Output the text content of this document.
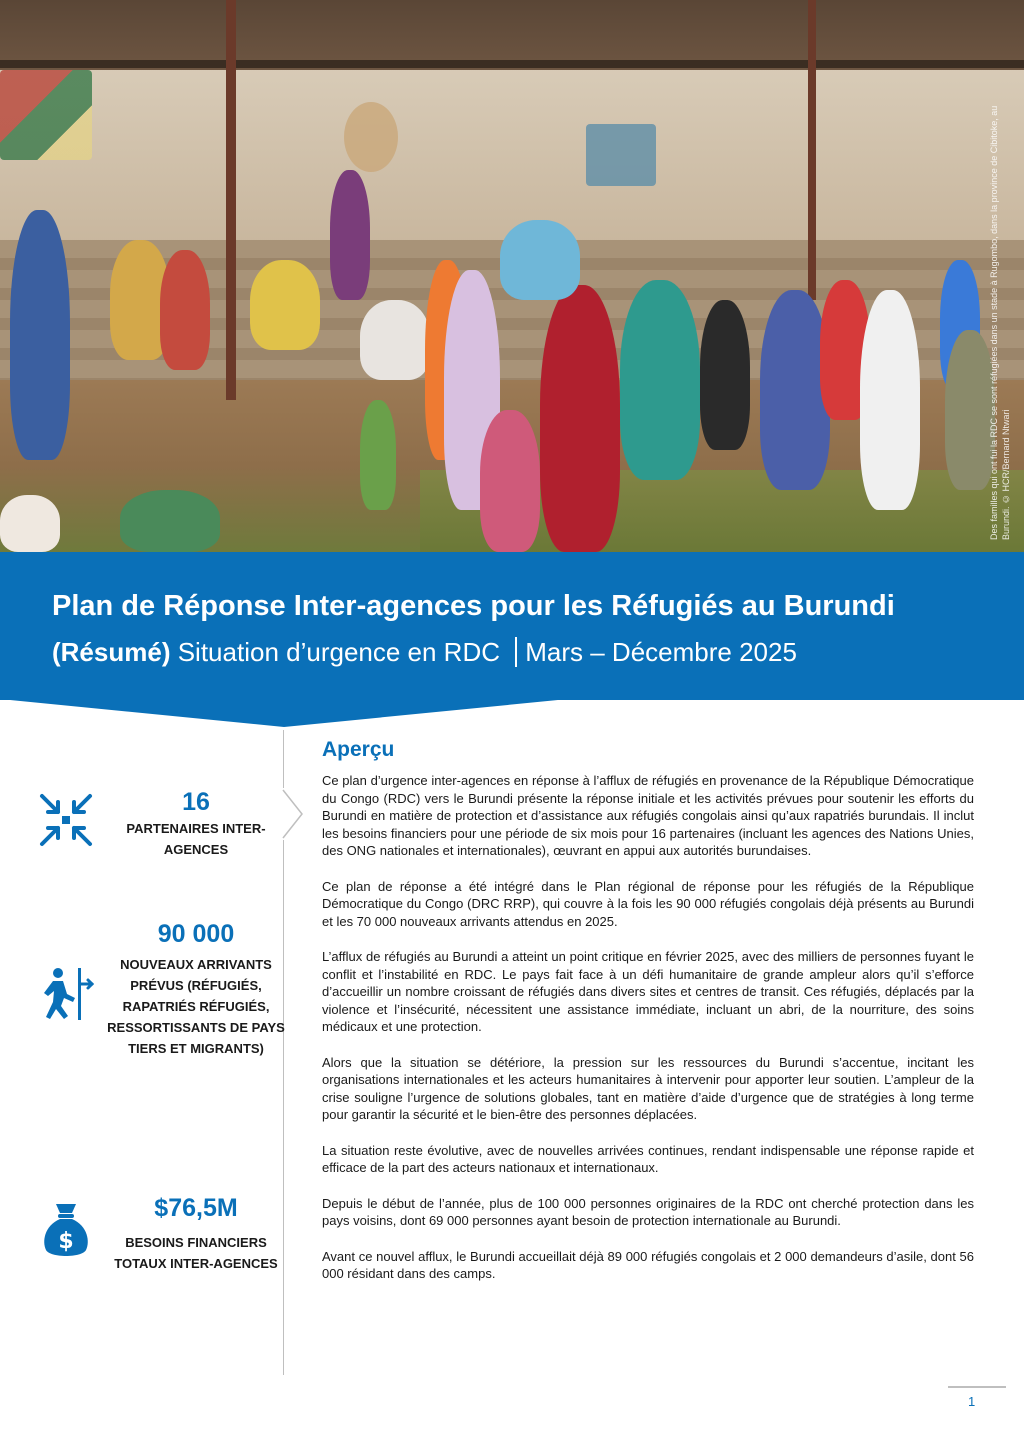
Des familles qui ont fui la RDC se sont réfugiées dans un stade à Rugombo, dans la province de Cibitoke, au Burundi. © HCR/Bernard Ntwari
Plan de Réponse Inter-agences pour les Réfugiés au Burundi
(Résumé) Situation d’urgence en RDC Mars – Décembre 2025
16
PARTENAIRES INTER-AGENCES
90 000
NOUVEAUX ARRIVANTS PRÉVUS (RÉFUGIÉS, RAPATRIÉS RÉFUGIÉS, RESSORTISSANTS DE PAYS TIERS ET MIGRANTS)
$
$76,5M
BESOINS FINANCIERS TOTAUX INTER-AGENCES
Aperçu

Ce plan d’urgence inter-agences en réponse à l’afflux de réfugiés en provenance de la République Démocratique du Congo (RDC) vers le Burundi présente la réponse initiale et les activités prévues pour soutenir les efforts du Burundi en matière de protection et d’assistance aux réfugiés congolais ainsi qu’aux rapatriés burundais. Il inclut les besoins financiers pour une période de six mois pour 16 partenaires (incluant les agences des Nations Unies, des ONG nationales et internationales), œuvrant en appui aux autorités burundaises.

Ce plan de réponse a été intégré dans le Plan régional de réponse pour les réfugiés de la République Démocratique du Congo (DRC RRP), qui couvre à la fois les 90 000 réfugiés congolais déjà présents au Burundi et les 70 000 nouveaux arrivants attendus en 2025.

L’afflux de réfugiés au Burundi a atteint un point critique en février 2025, avec des milliers de personnes fuyant le conflit et l’instabilité en RDC. Le pays fait face à un défi humanitaire de grande ampleur alors qu’il s’efforce d’accueillir un nombre croissant de réfugiés dans divers sites et centres de transit. Ces réfugiés, déplacés par la violence et l’insécurité, nécessitent une assistance immédiate, incluant un abri, de la nourriture, des soins médicaux et une protection.

Alors que la situation se détériore, la pression sur les ressources du Burundi s’accentue, incitant les organisations internationales et les acteurs humanitaires à intervenir pour apporter leur soutien. L’ampleur de la crise souligne l’urgence de solutions globales, tant en matière d’aide d’urgence que de stratégies à long terme pour garantir la sécurité et le bien-être des personnes déplacées.

La situation reste évolutive, avec de nouvelles arrivées continues, rendant indispensable une réponse rapide et efficace de la part des acteurs nationaux et internationaux.

Depuis le début de l’année, plus de 100 000 personnes originaires de la RDC ont cherché protection dans les pays voisins, dont 69 000 personnes ayant besoin de protection internationale au Burundi.

Avant ce nouvel afflux, le Burundi accueillait déjà 89 000 réfugiés congolais et 2 000 demandeurs d’asile, dont 56 000 résidant dans des camps.

1
